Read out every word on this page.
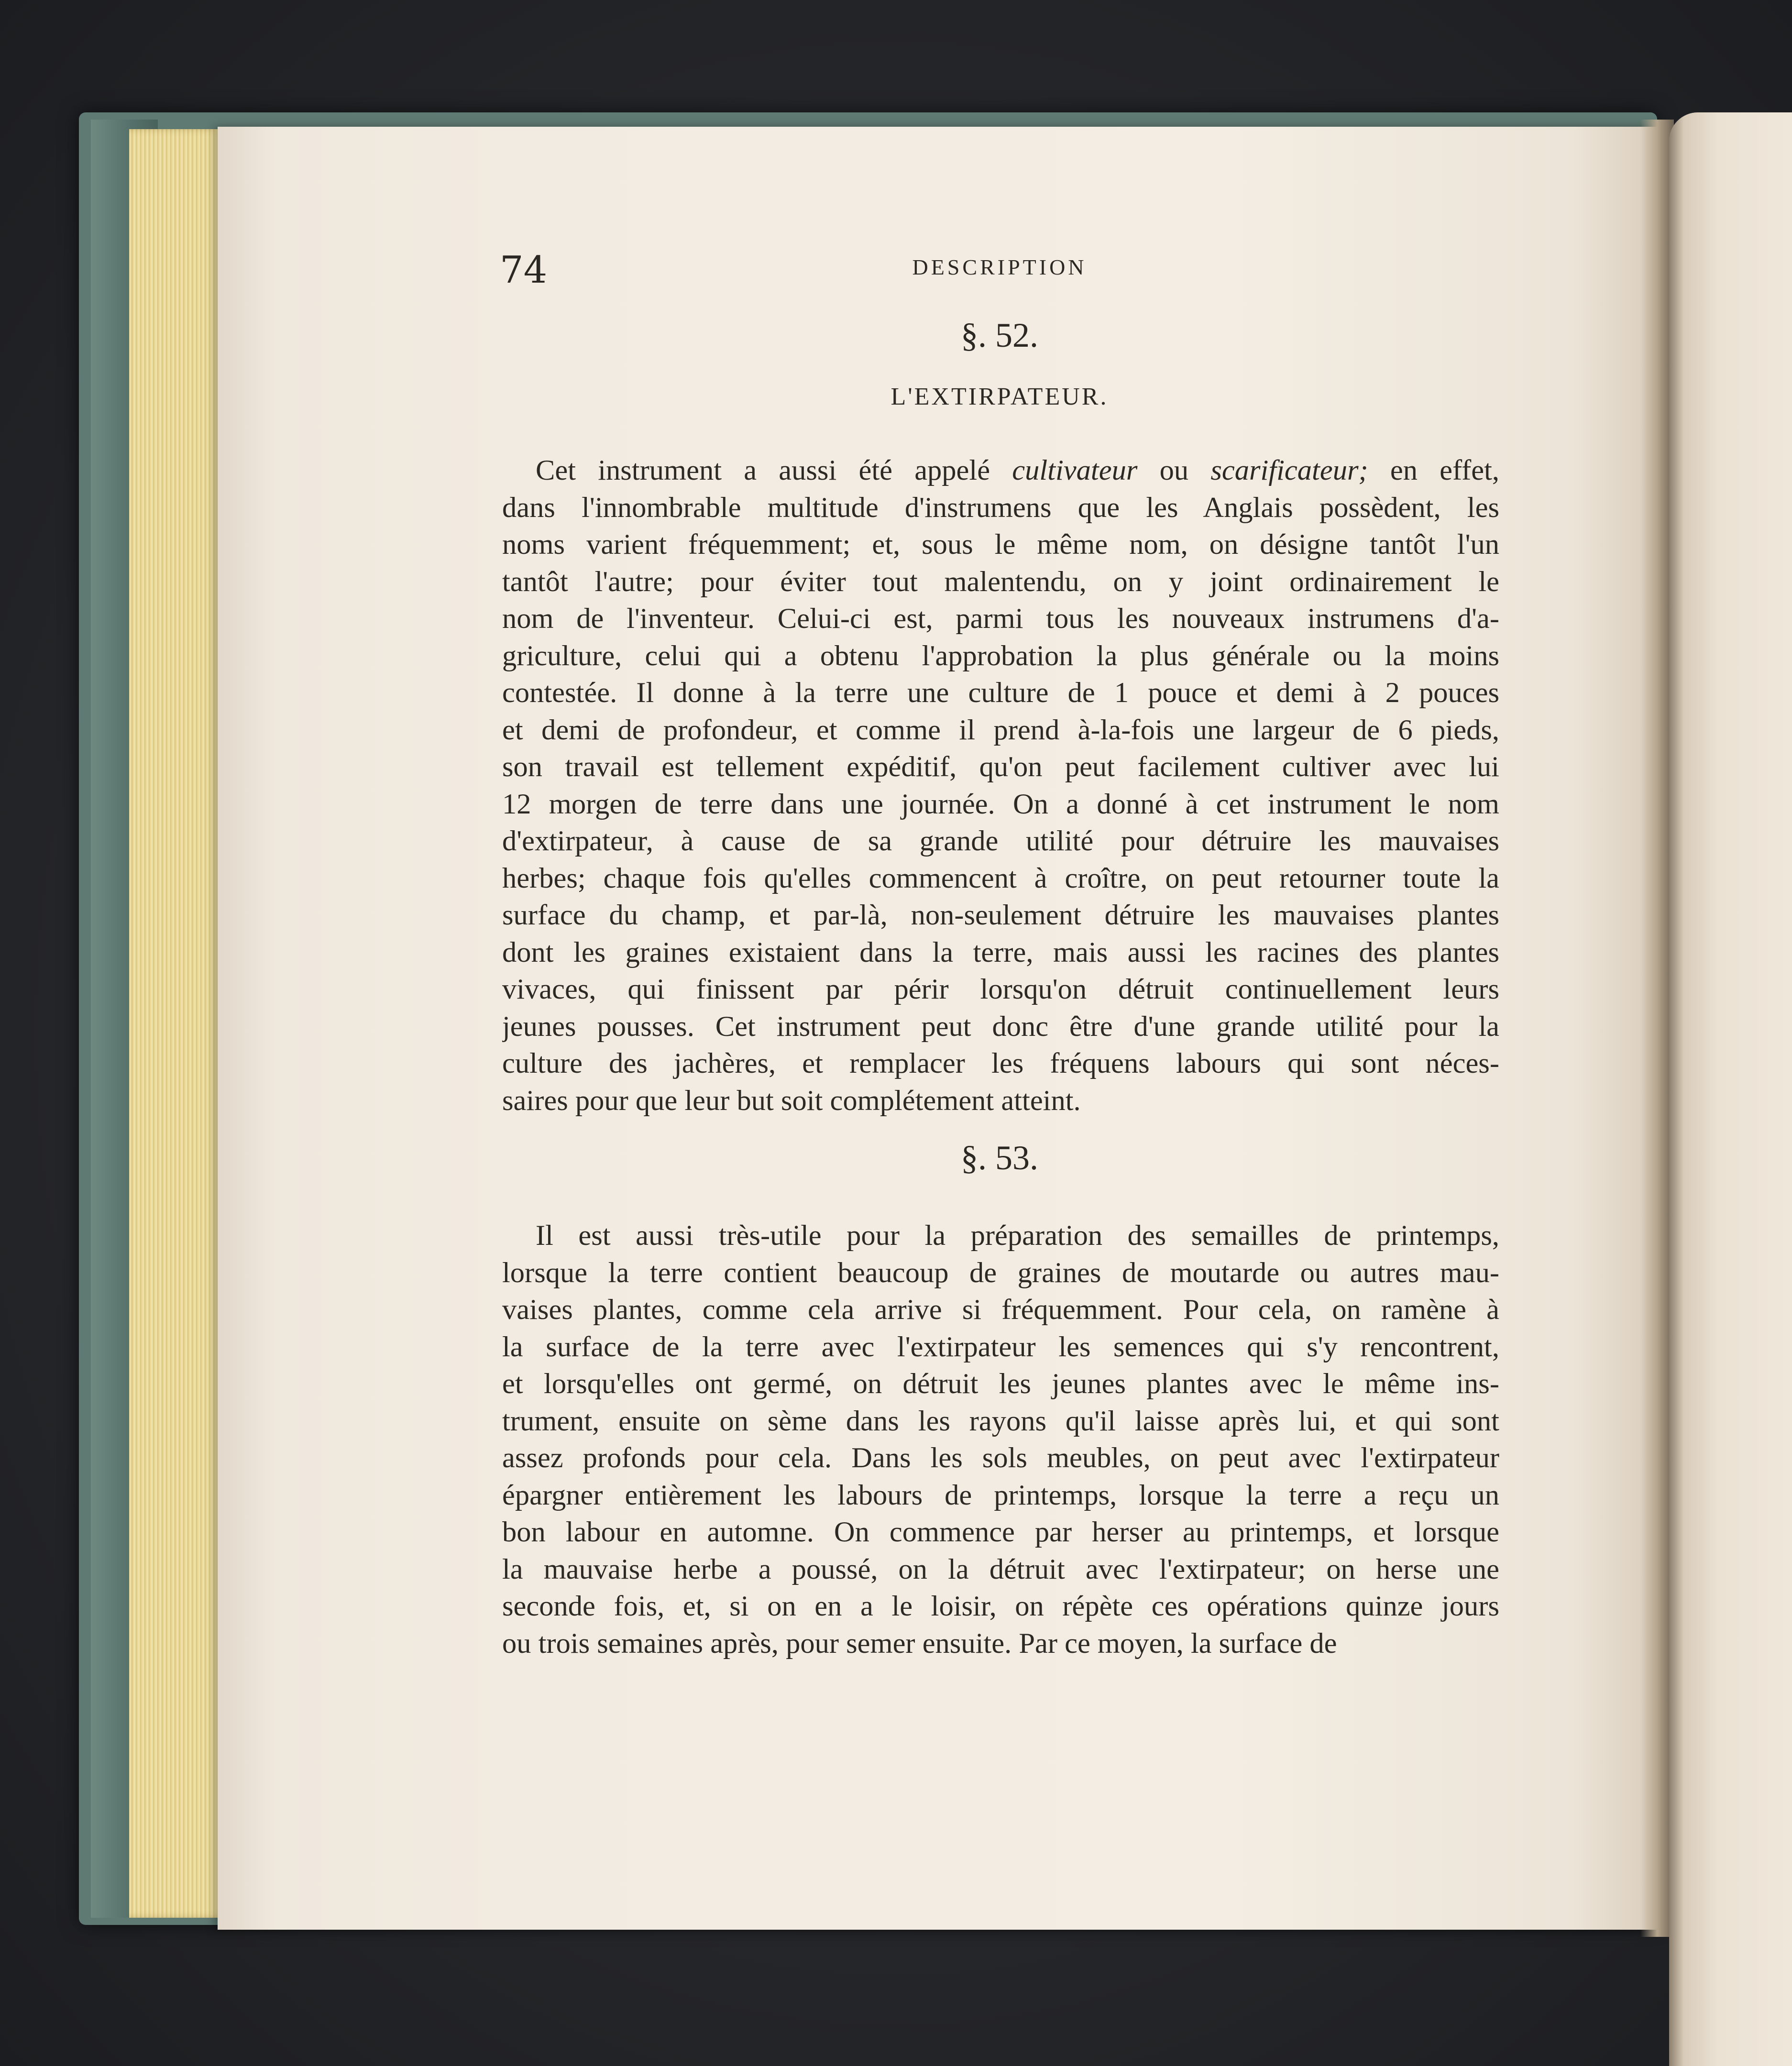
74	DESCRIPTION
§. 52.
L'EXTIRPATEUR.
Cet instrument a aussi été appelé cultivateur ou scarificateur; en effet,
dans l'innombrable multitude d'instrumens que les Anglais possèdent, les
noms varient fréquemment; et, sous le même nom, on désigne tantôt l'un
tantôt l'autre; pour éviter tout malentendu, on y joint ordinairement le
nom de l'inventeur. Celui-ci est, parmi tous les nouveaux instrumens d'a-
griculture, celui qui a obtenu l'approbation la plus générale ou la moins
contestée. Il donne à la terre une culture de 1 pouce et demi à 2 pouces
et demi de profondeur, et comme il prend à-la-fois une largeur de 6 pieds,
son travail est tellement expéditif, qu'on peut facilement cultiver avec lui
12 morgen de terre dans une journée. On a donné à cet instrument le nom
d'extirpateur, à cause de sa grande utilité pour détruire les mauvaises
herbes; chaque fois qu'elles commencent à croître, on peut retourner toute la
surface du champ, et par-là, non-seulement détruire les mauvaises plantes
dont les graines existaient dans la terre, mais aussi les racines des plantes
vivaces, qui finissent par périr lorsqu'on détruit continuellement leurs
jeunes pousses. Cet instrument peut donc être d'une grande utilité pour la
culture des jachères, et remplacer les fréquens labours qui sont néces-
saires pour que leur but soit complétement atteint.
§. 53.
Il est aussi très-utile pour la préparation des semailles de printemps,
lorsque la terre contient beaucoup de graines de moutarde ou autres mau-
vaises plantes, comme cela arrive si fréquemment. Pour cela, on ramène à
la surface de la terre avec l'extirpateur les semences qui s'y rencontrent,
et lorsqu'elles ont germé, on détruit les jeunes plantes avec le même ins-
trument, ensuite on sème dans les rayons qu'il laisse après lui, et qui sont
assez profonds pour cela. Dans les sols meubles, on peut avec l'extirpateur
épargner entièrement les labours de printemps, lorsque la terre a reçu un
bon labour en automne. On commence par herser au printemps, et lorsque
la mauvaise herbe a poussé, on la détruit avec l'extirpateur; on herse une
seconde fois, et, si on en a le loisir, on répète ces opérations quinze jours
ou trois semaines après, pour semer ensuite. Par ce moyen, la surface de
